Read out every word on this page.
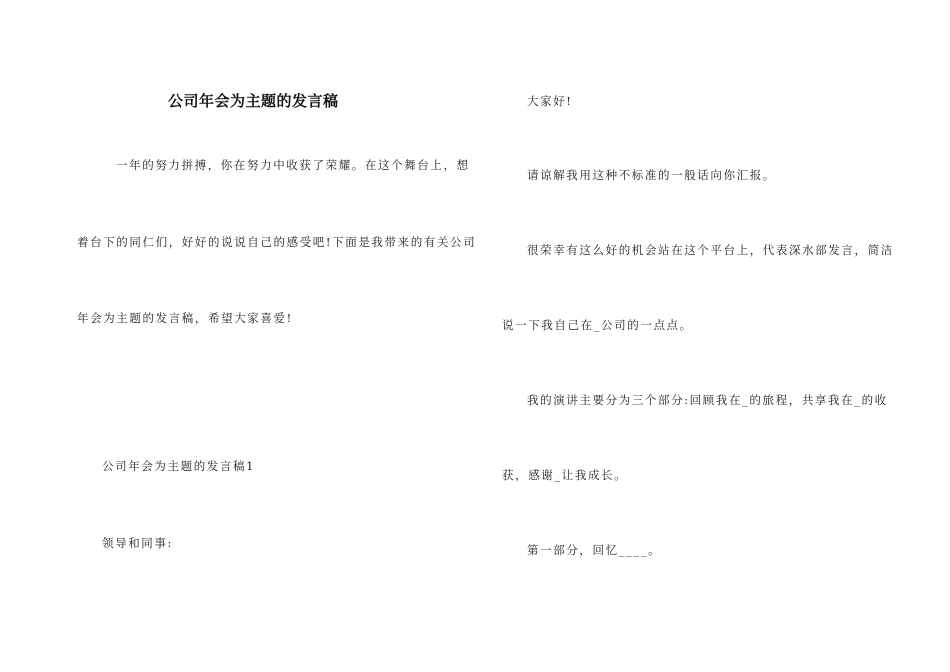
公司年会为主题的发言稿
一年的努力拼搏，你在努力中收获了荣耀。在这个舞台上，想
着台下的同仁们，好好的说说自己的感受吧!下面是我带来的有关公司
年会为主题的发言稿，希望大家喜爱!
公司年会为主题的发言稿1
领导和同事:
大家好!
请谅解我用这种不标准的一般话向你汇报。
很荣幸有这么好的机会站在这个平台上，代表深水部发言，简洁
说一下我自己在_公司的一点点。
我的演讲主要分为三个部分:回顾我在_的旅程，共享我在_的收
获，感谢_让我成长。
第一部分，回忆____。
